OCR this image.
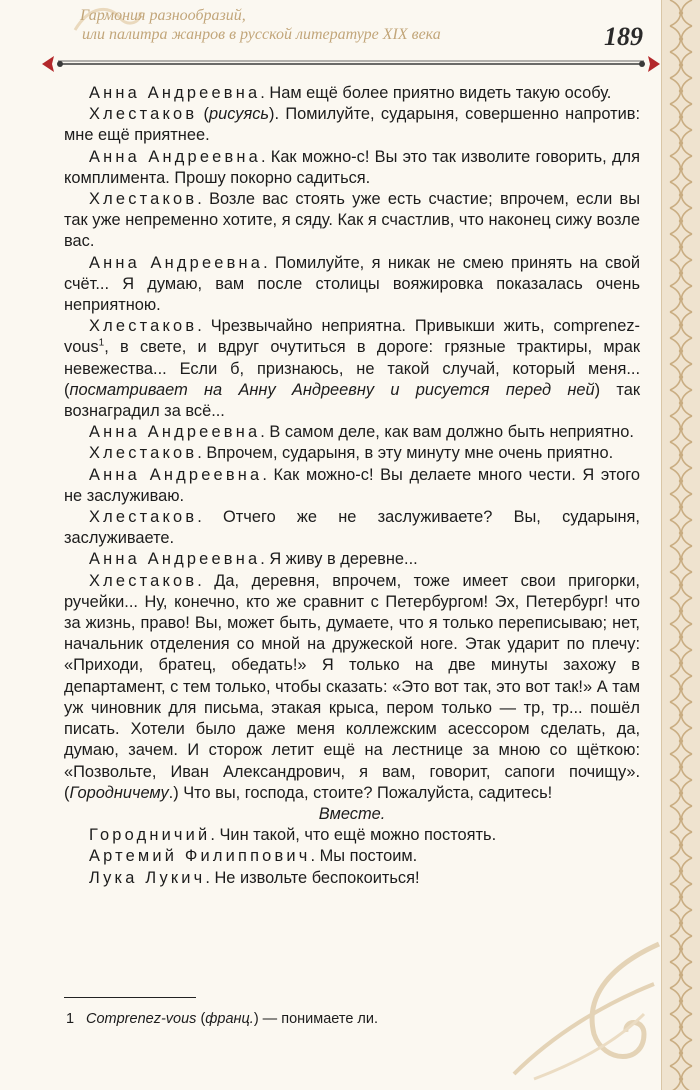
Гармония разнообразий,
или палитра жанров в русской литературе XIX века	189

Анна Андреевна. Нам ещё более приятно видеть такую особу.

Хлестаков (рисуясь). Помилуйте, сударыня, совершенно напротив: мне ещё приятнее.

Анна Андреевна. Как можно-с! Вы это так изволите говорить, для комплимента. Прошу покорно садиться.

Хлестаков. Возле вас стоять уже есть счастие; впрочем, если вы так уже непременно хотите, я сяду. Как я счастлив, что наконец сижу возле вас.

Анна Андреевна. Помилуйте, я никак не смею принять на свой счёт... Я думаю, вам после столицы вояжировка показалась очень неприятною.

Хлестаков. Чрезвычайно неприятна. Привыкши жить, comprenez-vous$^1$, в свете, и вдруг очутиться в дороге: грязные трактиры, мрак невежества... Если б, признаюсь, не такой случай, который меня... (посматривает на Анну Андреевну и рисуется перед ней) так вознаградил за всё...

Анна Андреевна. В самом деле, как вам должно быть неприятно.

Хлестаков. Впрочем, сударыня, в эту минуту мне очень приятно.

Анна Андреевна. Как можно-с! Вы делаете много чести. Я этого не заслуживаю.

Хлестаков. Отчего же не заслуживаете? Вы, сударыня, заслуживаете.

Анна Андреевна. Я живу в деревне...

Хлестаков. Да, деревня, впрочем, тоже имеет свои пригорки, ручейки... Ну, конечно, кто же сравнит с Петербургом! Эх, Петербург! что за жизнь, право! Вы, может быть, думаете, что я только переписываю; нет, начальник отделения со мной на дружеской ноге. Этак ударит по плечу: «Приходи, братец, обедать!» Я только на две минуты захожу в департамент, с тем только, чтобы сказать: «Это вот так, это вот так!» А там уж чиновник для письма, этакая крыса, пером только — тр, тр... пошёл писать. Хотели было даже меня коллежским асессором сделать, да, думаю, зачем. И сторож летит ещё на лестнице за мною со щёткою: «Позвольте, Иван Александрович, я вам, говорит, сапоги почищу». (Городничему.) Что вы, господа, стоите? Пожалуйста, садитесь!

Вместе.

Городничий. Чин такой, что ещё можно постоять.

Артемий Филиппович. Мы постоим.

Лука Лукич. Не извольте беспокоиться!

1 Comprenez-vous (франц.) — понимаете ли.
